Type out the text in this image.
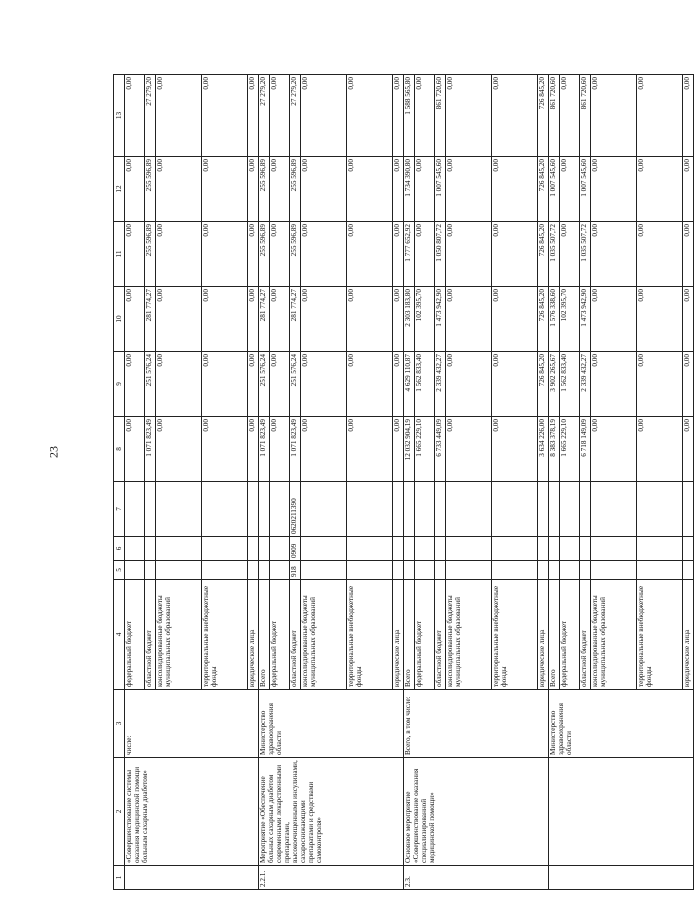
23
1	2	3	4	5	6	7	8	9	10	11	12	13
	«Совершенствование системы оказания медицинской помощи больным сахарным диабетом»	числе:	федеральный бюджет				0,00	0,00	0,00	0,00	0,00	0,00
			областной бюджет				1 071 823,49	251 576,24	281 774,27	255 596,89	255 596,89	27 279,20
			консолидированные бюджеты муниципальных образований				0,00	0,00	0,00	0,00	0,00	0,00
			территориальные внебюджетные фонды				0,00	0,00	0,00	0,00	0,00	0,00
			юридические лица				0,00	0,00	0,00	0,00	0,00	0,00
2.2.1.	Мероприятие «Обеспечение больных сахарным диабетом современными лекарственными препаратами, высокоочищенными инсулинами, сахароснижающими препаратами и средствами самоконтроля»	Министерство здравоохранения области	Всего				1 071 823,49	251 576,24	281 774,27	255 596,89	255 596,89	27 279,20
			федеральный бюджет				0,00	0,00	0,00	0,00	0,00	0,00
			областной бюджет	918	0909	0620211390	1 071 823,49	251 576,24	281 774,27	255 596,89	255 596,89	27 279,20
			консолидированные бюджеты муниципальных образований				0,00	0,00	0,00	0,00	0,00	0,00
			территориальные внебюджетные фонды				0,00	0,00	0,00	0,00	0,00	0,00
			юридические лица				0,00	0,00	0,00	0,00	0,00	0,00
2.3.	Основное мероприятие «Совершенствование оказания специализированной медицинской помощи»	Всего, в том числе:	Всего				12 032 904,19	4 629 110,87	2 303 183,80	1 777 652,92	1 734 390,80	1 588 565,80
			федеральный бюджет				1 665 229,10	1 562 833,40	102 395,70	0,00	0,00	0,00
			областной бюджет				6 733 449,09	2 339 432,27	1 473 942,90	1 050 807,72	1 007 545,60	861 720,60
			консолидированные бюджеты муниципальных образований				0,00	0,00	0,00	0,00	0,00	0,00
			территориальные внебюджетные фонды				0,00	0,00	0,00	0,00	0,00	0,00
			юридические лица				3 634 226,00	726 845,20	726 845,20	726 845,20	726 845,20	726 845,20
		Министерство здравоохранения области	Всего				8 383 378,19	3 902 265,67	1 576 338,60	1 035 507,72	1 007 545,60	861 720,60
			федеральный бюджет				1 665 229,10	1 562 833,40	102 395,70	0,00	0,00	0,00
			областной бюджет				6 718 149,09	2 339 432,27	1 473 942,90	1 035 507,72	1 007 545,60	861 720,60
			консолидированные бюджеты муниципальных образований				0,00	0,00	0,00	0,00	0,00	0,00
			территориальные внебюджетные фонды				0,00	0,00	0,00	0,00	0,00	0,00
			юридические лица				0,00	0,00	0,00	0,00	0,00	0,00
